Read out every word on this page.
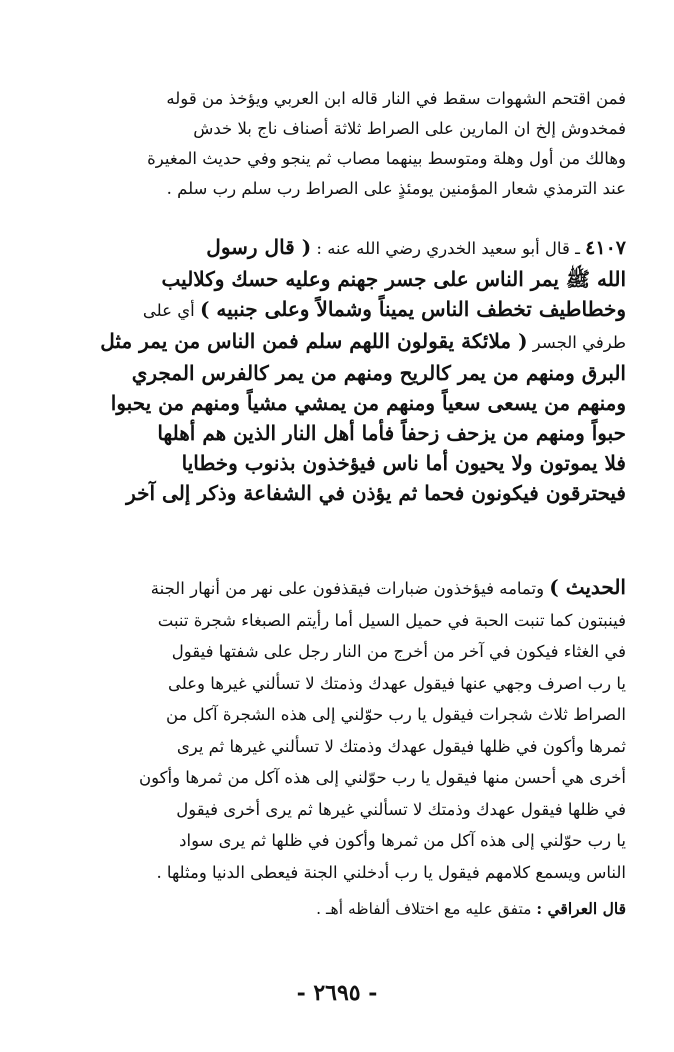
فمن اقتحم الشهوات سقط في النار قاله ابن العربي ويؤخذ من قوله
فمخدوش إلخ ان المارين على الصراط ثلاثة أصناف ناج بلا خدش
وهالك من أول وهلة ومتوسط بينهما مصاب ثم ينجو وفي حديث المغيرة
عند الترمذي شعار المؤمنين يومئذٍ على الصراط رب سلم رب سلم .
٤١٠٧ ـ قال أبو سعيد الخدري رضي الله عنه : ( قال رسول
الله ﷺ يمر الناس على جسر جهنم وعليه حسك وكلاليب
وخطاطيف تخطف الناس يميناً وشمالاً وعلى جنبيه ) أي على
طرفي الجسر ( ملائكة يقولون اللهم سلم فمن الناس من يمر مثل
البرق ومنهم من يمر كالريح ومنهم من يمر كالفرس المجري
ومنهم من يسعى سعياً ومنهم من يمشي مشياً ومنهم من يحبوا
حبواً ومنهم من يزحف زحفاً فأما أهل النار الذين هم أهلها
فلا يموتون ولا يحيون أما ناس فيؤخذون بذنوب وخطايا
فيحترقون فيكونون فحما ثم يؤذن في الشفاعة وذكر إلى آخر
الحديث ) وتمامه فيؤخذون ضبارات فيقذفون على نهر من أنهار الجنة
فينبتون كما تنبت الحبة في حميل السيل أما رأيتم الصبغاء شجرة تنبت
في الغثاء فيكون في آخر من أخرج من النار رجل على شفتها فيقول
يا رب اصرف وجهي عنها فيقول عهدك وذمتك لا تسألني غيرها وعلى
الصراط ثلاث شجرات فيقول يا رب حوّلني إلى هذه الشجرة آكل من
ثمرها وأكون في ظلها فيقول عهدك وذمتك لا تسألني غيرها ثم يرى
أخرى هي أحسن منها فيقول يا رب حوّلني إلى هذه آكل من ثمرها وأكون
في ظلها فيقول عهدك وذمتك لا تسألني غيرها ثم يرى أخرى فيقول
يا رب حوّلني إلى هذه آكل من ثمرها وأكون في ظلها ثم يرى سواد
الناس ويسمع كلامهم فيقول يا رب أدخلني الجنة فيعطى الدنيا ومثلها .
قال العراقي : متفق عليه مع اختلاف ألفاظه أهـ .
- ٢٦٩٥ -
